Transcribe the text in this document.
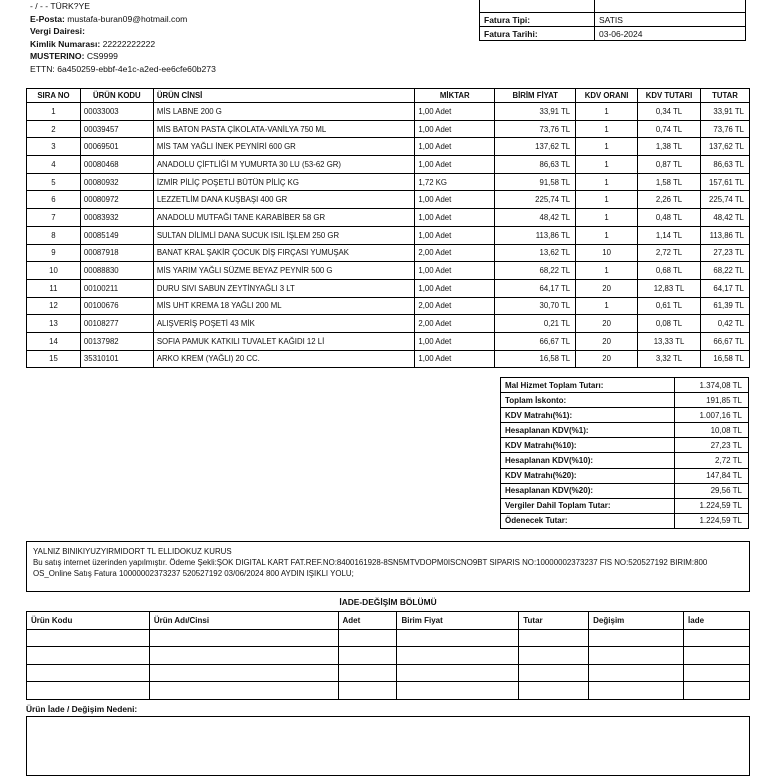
- / - - TÜRK?YE
E-Posta: mustafa-buran09@hotmail.com
Vergi Dairesi:
Kimlik Numarası: 22222222222
MUSTERINO: CS9999
ETTN: 6a450259-ebbf-4e1c-a2ed-ee6cfe60b273

Fatura Tipi:	SATIS
Fatura Tarihi:	03-06-2024
SIRA NO	ÜRÜN KODU	ÜRÜN CİNSİ	MİKTAR	BİRİM FİYAT	KDV ORANI	KDV TUTARI	TUTAR
1	00033003	MİS LABNE 200 G	1,00 Adet	33,91 TL	1	0,34 TL	33,91 TL
2	00039457	MİS BATON PASTA ÇİKOLATA-VANİLYA 750 ML	1,00 Adet	73,76 TL	1	0,74 TL	73,76 TL
3	00069501	MİS TAM YAĞLI İNEK PEYNİRİ 600 GR	1,00 Adet	137,62 TL	1	1,38 TL	137,62 TL
4	00080468	ANADOLU ÇİFTLİĞİ M YUMURTA 30 LU (53-62 GR)	1,00 Adet	86,63 TL	1	0,87 TL	86,63 TL
5	00080932	İZMİR PİLİÇ POŞETLİ BÜTÜN PİLİÇ KG	1,72 KG	91,58 TL	1	1,58 TL	157,61 TL
6	00080972	LEZZETLİM DANA KUŞBAŞI 400 GR	1,00 Adet	225,74 TL	1	2,26 TL	225,74 TL
7	00083932	ANADOLU MUTFAĞI TANE KARABİBER 58 GR	1,00 Adet	48,42 TL	1	0,48 TL	48,42 TL
8	00085149	SULTAN DİLİMLİ DANA SUCUK ISIL İŞLEM 250 GR	1,00 Adet	113,86 TL	1	1,14 TL	113,86 TL
9	00087918	BANAT KRAL ŞAKİR ÇOCUK DİŞ FIRÇASI YUMUŞAK	2,00 Adet	13,62 TL	10	2,72 TL	27,23 TL
10	00088830	MİS YARIM YAĞLI SÜZME BEYAZ PEYNİR 500 G	1,00 Adet	68,22 TL	1	0,68 TL	68,22 TL
11	00100211	DURU SIVI SABUN ZEYTİNYAĞLI 3 LT	1,00 Adet	64,17 TL	20	12,83 TL	64,17 TL
12	00100676	MİS UHT KREMA 18 YAĞLI 200 ML	2,00 Adet	30,70 TL	1	0,61 TL	61,39 TL
13	00108277	ALIŞVERİŞ POŞETİ 43 MİK	2,00 Adet	0,21 TL	20	0,08 TL	0,42 TL
14	00137982	SOFIA PAMUK KATKILI TUVALET KAĞIDI 12 Lİ	1,00 Adet	66,67 TL	20	13,33 TL	66,67 TL
15	35310101	ARKO KREM (YAĞLI) 20 CC.	1,00 Adet	16,58 TL	20	3,32 TL	16,58 TL
Mal Hizmet Toplam Tutarı:	1.374,08 TL
Toplam İskonto:	191,85 TL
KDV Matrahı(%1):	1.007,16 TL
Hesaplanan KDV(%1):	10,08 TL
KDV Matrahı(%10):	27,23 TL
Hesaplanan KDV(%10):	2,72 TL
KDV Matrahı(%20):	147,84 TL
Hesaplanan KDV(%20):	29,56 TL
Vergiler Dahil Toplam Tutar:	1.224,59 TL
Ödenecek Tutar:	1.224,59 TL
YALNIZ BINIKIYUZYIRMIDORT TL ELLIDOKUZ KURUS
Bu satış internet üzerinden yapılmıştır. Ödeme Şekli:ŞOK DIGITAL KART FAT.REF.NO:8400161928-8SN5MTVDOPM0ISCNO9BT SIPARIS NO:10000002373237 FIS NO:520527192 BIRIM:800
OS_Online Satış Fatura 10000002373237 520527192 03/06/2024 800 AYDIN IŞIKLI YOLU;
İADE-DEĞİŞİM BÖLÜMÜ
Ürün Kodu	Ürün Adı/Cinsi	Adet	Birim Fiyat	Tutar	Değişim	İade

Ürün İade / Değişim Nedeni:
